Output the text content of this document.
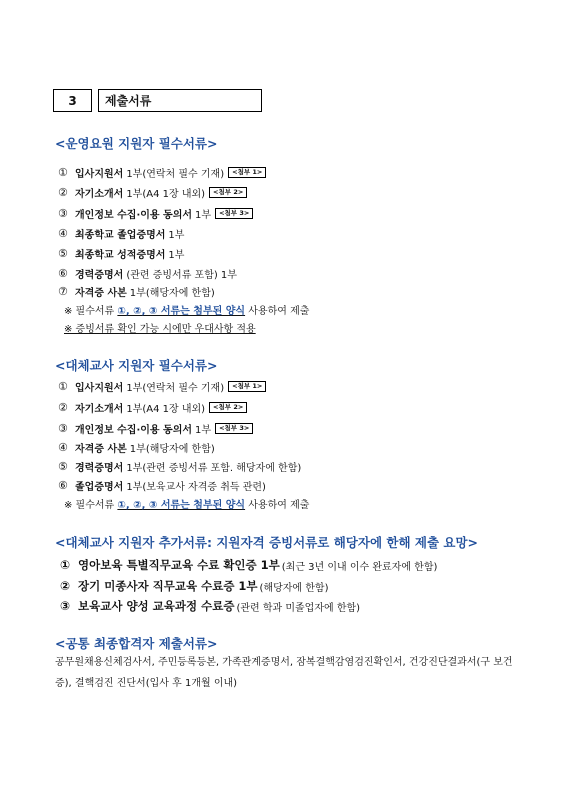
3	제출서류
<운영요원 지원자 필수서류>
① 입사지원서 1부(연락처 필수 기재)	<첨부 1>
② 자기소개서 1부(A4 1장 내외)	<첨부 2>
③ 개인정보 수집·이용 동의서 1부	<첨부 3>
④ 최종학교 졸업증명서 1부
⑤ 최종학교 성적증명서 1부
⑥ 경력증명서 (관련 증빙서류 포함) 1부
⑦ 자격증 사본 1부(해당자에 한함)
※ 필수서류 ①, ②, ③ 서류는 첨부된 양식 사용하여 제출
※ 증빙서류 확인 가능 시에만 우대사항 적용
<대체교사 지원자 필수서류>
① 입사지원서 1부(연락처 필수 기재)	<첨부 1>
② 자기소개서 1부(A4 1장 내외)	<첨부 2>
③ 개인정보 수집·이용 동의서 1부	<첨부 3>
④ 자격증 사본 1부(해당자에 한함)
⑤ 경력증명서 1부(관련 증빙서류 포함. 해당자에 한함)
⑥ 졸업증명서 1부(보육교사 자격증 취득 관련)
※ 필수서류 ①, ②, ③ 서류는 첨부된 양식 사용하여 제출
<대체교사 지원자 추가서류: 지원자격 증빙서류로 해당자에 한해 제출 요망>
① 영아보육 특별직무교육 수료 확인증 1부 (최근 3년 이내 이수 완료자에 한함)
② 장기 미종사자 직무교육 수료증 1부 (해당자에 한함)
③ 보육교사 양성 교육과정 수료증 (관련 학과 미졸업자에 한함)
<공통 최종합격자 제출서류>
공무원채용신체검사서, 주민등록등본, 가족관계증명서, 잠복결핵감염검진확인서, 건강진단결과서(구 보건증), 결핵검진 진단서(입사 후 1개월 이내)
